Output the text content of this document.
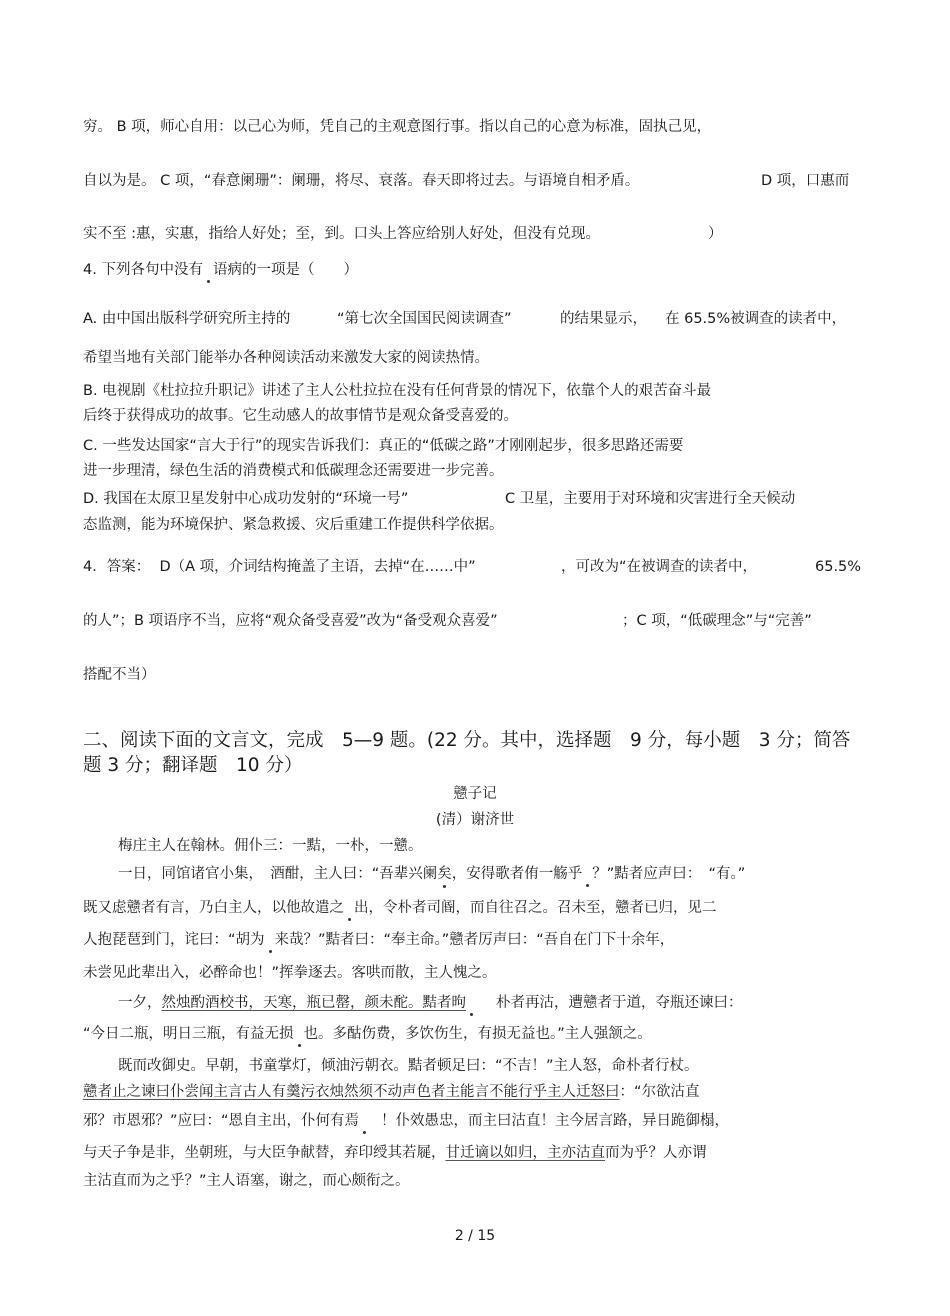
穷。 B 项，师心自用：以己心为师，凭自己的主观意图行事。指以自己的心意为标准，固执己见，
自以为是。 C 项，“春意阑珊”：阑珊，将尽、衰落。春天即将过去。与语境自相矛盾。	D 项，口惠而
实不至 :惠，实惠，指给人好处；至，到。口头上答应给别人好处，但没有兑现。	）
4. 下列各句中没有 语病的一项是（　　）
A. 由中国出版科学研究所主持的	“第七次全国国民阅读调查”	的结果显示， 在 65.5%被调查的读者中，
希望当地有关部门能举办各种阅读活动来激发大家的阅读热情。
B. 电视剧《杜拉拉升职记》讲述了主人公杜拉拉在没有任何背景的情况下，依靠个人的艰苦奋斗最
后终于获得成功的故事。它生动感人的故事情节是观众备受喜爱的。
C. 一些发达国家“言大于行”的现实告诉我们：真正的“低碳之路”才刚刚起步，很多思路还需要
进一步理清，绿色生活的消费模式和低碳理念还需要进一步完善。
D. 我国在太原卫星发射中心成功发射的“环境一号”	C 卫星，主要用于对环境和灾害进行全天候动
态监测，能为环境保护、紧急救援、灾后重建工作提供科学依据。
4．答案：  D（A 项，介词结构掩盖了主语，去掉“在……中”	，可改为“在被调查的读者中，	65.5%
的人”；B 项语序不当，应将“观众备受喜爱”改为“备受观众喜爱”	；C 项，“低碳理念”与“完善”
搭配不当）
二、阅读下面的文言文，完成　5—9 题。(22 分。其中，选择题　9 分，每小题　3 分；简答
题 3 分；翻译题　10 分）
戆子记
(清）谢济世
梅庄主人在翰林。佣仆三：一黠，一朴，一戆。
一日，同馆诸官小集，　酒酣，主人曰：“吾辈兴阑矣，安得歌者侑一觞乎 ？”黠者应声曰：　“有。”
既又虑戆者有言，乃白主人，以他故遣之 出，令朴者司阍，而自往召之。召未至，戆者已归，见二
人抱琵琶到门，诧曰：“胡为 来哉？”黠者曰：“奉主命。”戆者厉声曰：“吾自在门下十余年，
未尝见此辈出入，必醉命也！”挥拳逐去。客哄而散，主人愧之。
一夕，然烛酌酒校书，天寒，瓶已罄，颜未酡。黠者昫 朴者再沽，遭戆者于道，夺瓶还谏曰：
“今日二瓶，明日三瓶，有益无损 也。多酤伤费，多饮伤生，有损无益也。”主人强颔之。
既而改御史。早朝，书童掌灯，倾油污朝衣。黠者顿足曰：“不吉！”主人怒，命朴者行杖。
戆者止之谏曰仆尝闻主言古人有羹污衣烛然须不动声色者主能言不能行乎主人迁怒曰：“尔欲沽直
邪？市恩邪？”应曰：“恩自主出，仆何有焉 ！仆效愚忠，而主曰沽直！主今居言路，异日跪御榻，
与天子争是非，坐朝班，与大臣争献替，弃印绶其若屣，甘迁谪以如归，主亦沽直而为乎？人亦谓
主沽直而为之乎？”主人语塞，谢之，而心颇衔之。
2 / 15
